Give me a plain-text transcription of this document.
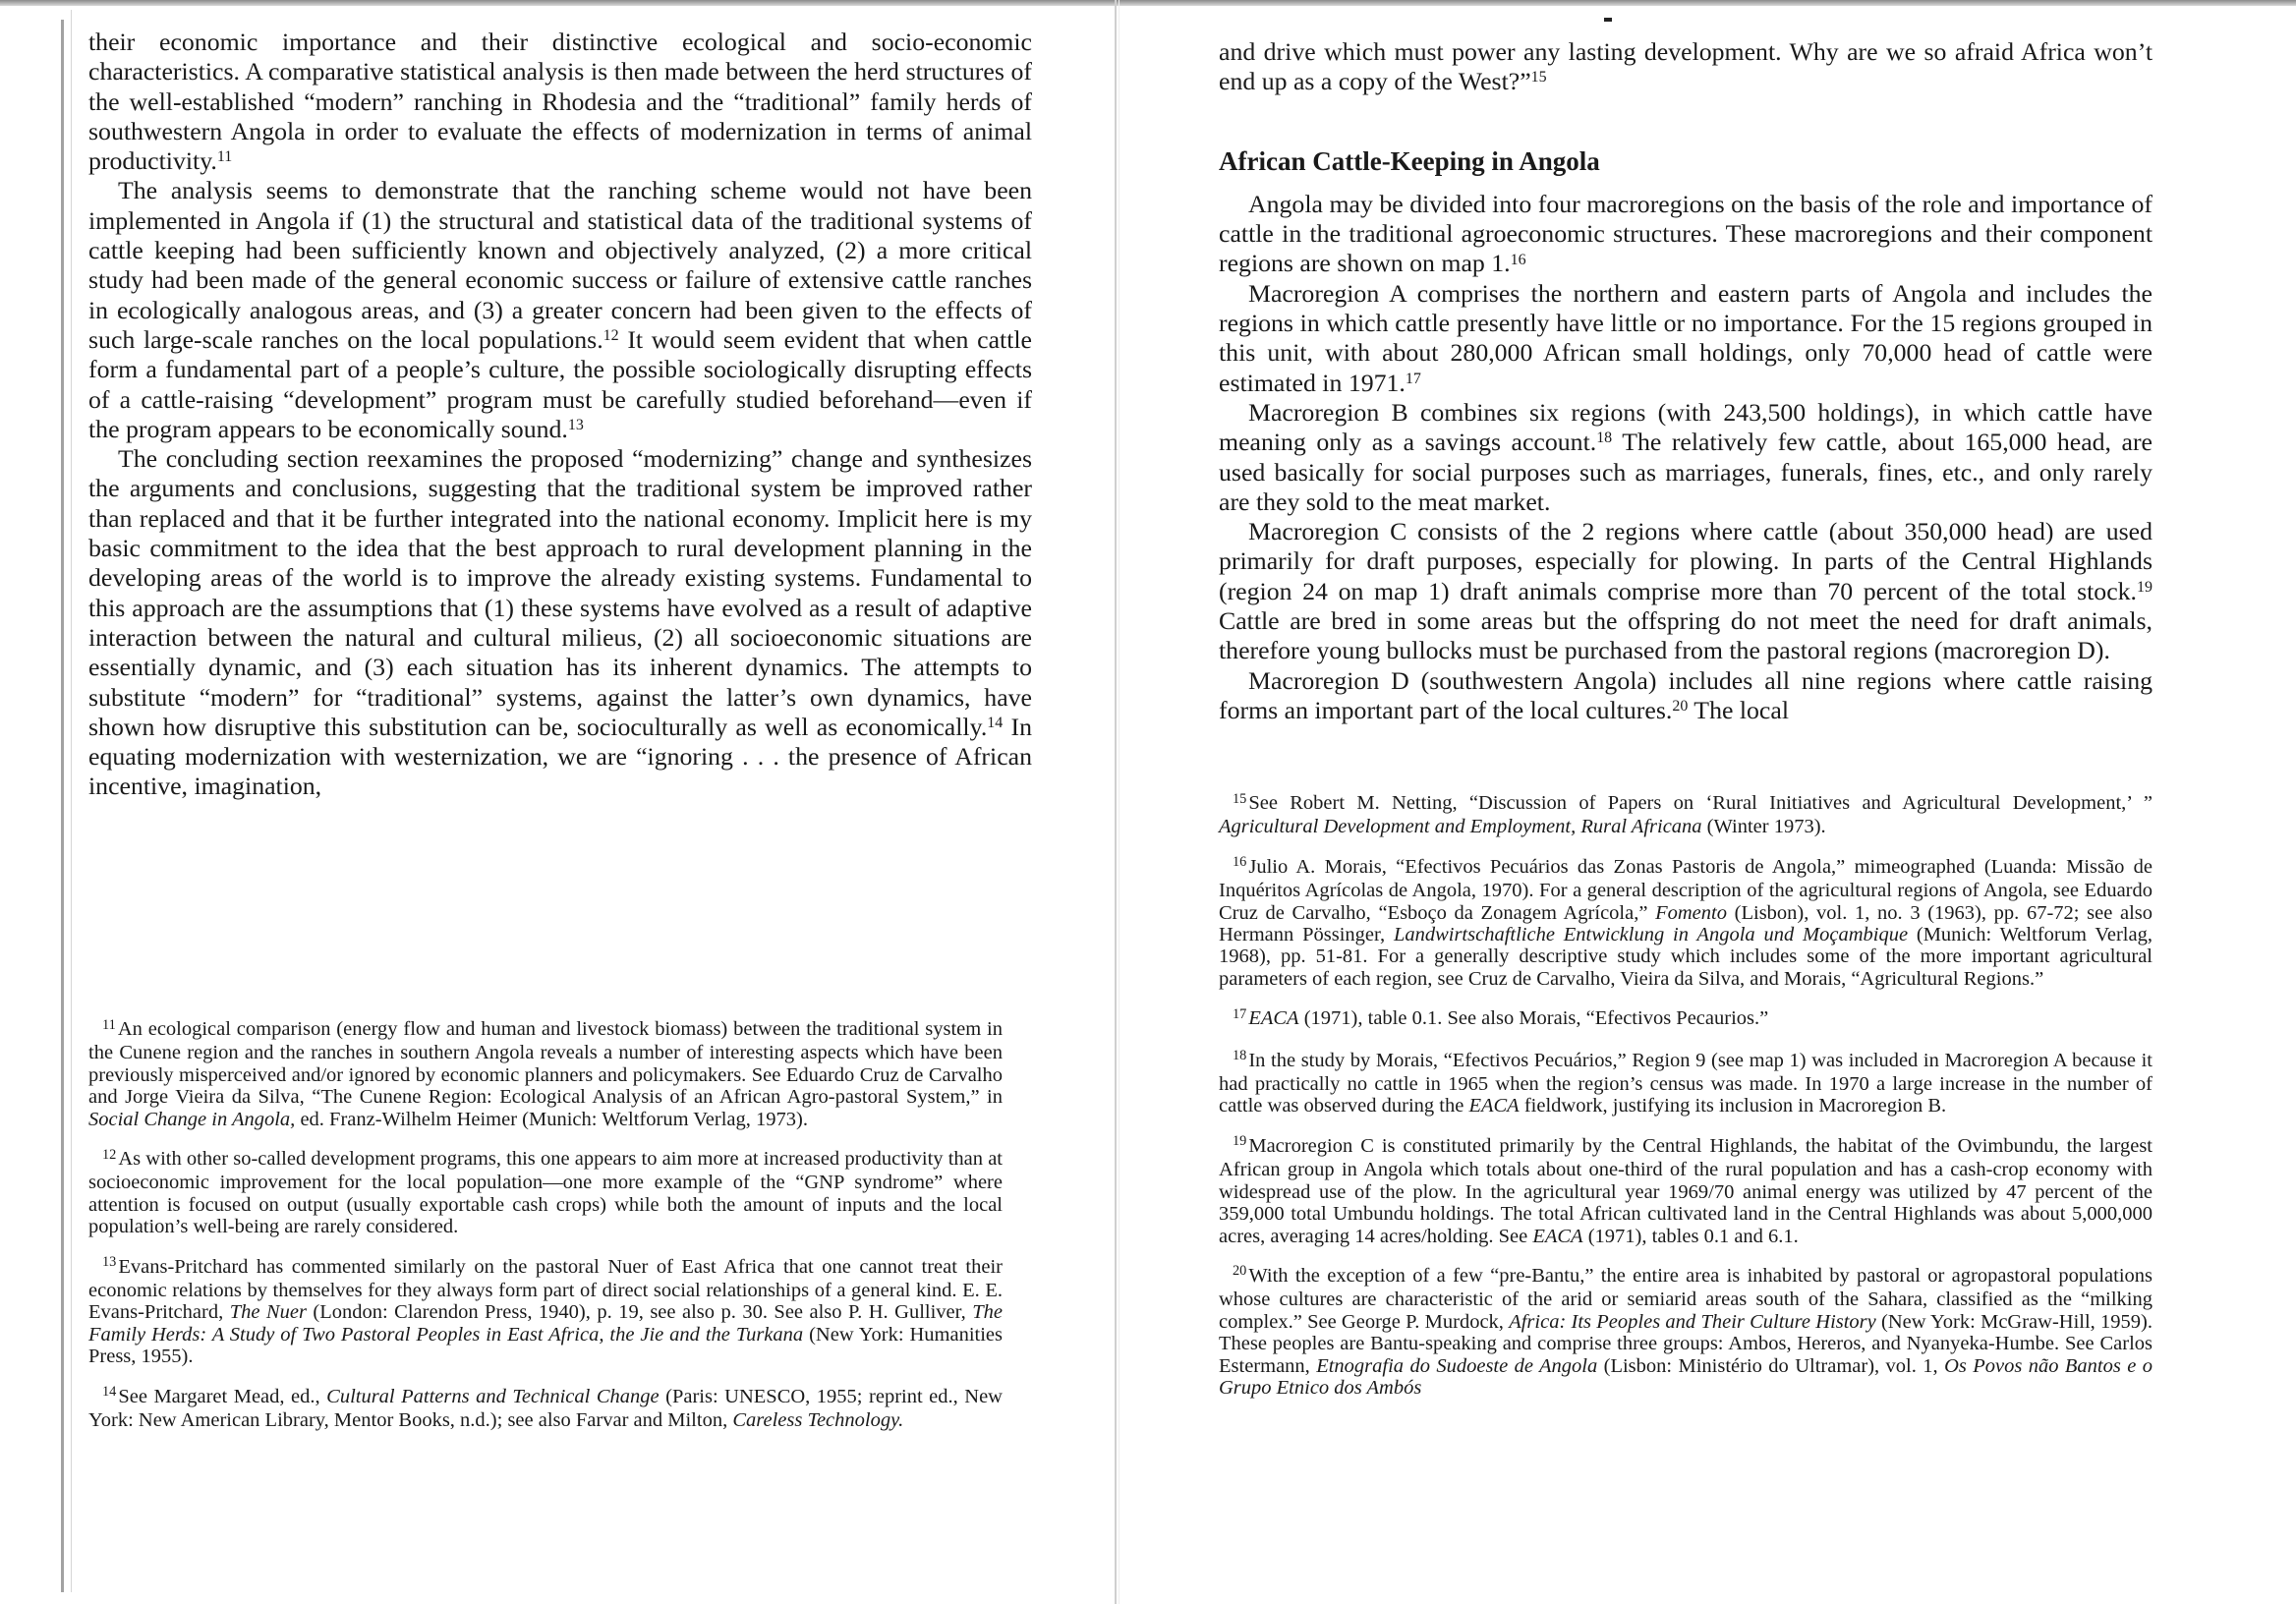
their economic importance and their distinctive ecological and socio-economic characteristics. A comparative statistical analysis is then made between the herd structures of the well-established “modern” ranching in Rhodesia and the “traditional” family herds of southwestern Angola in order to evaluate the effects of modernization in terms of animal productivity.$^{11}$

The analysis seems to demonstrate that the ranching scheme would not have been implemented in Angola if (1) the structural and statistical data of the traditional systems of cattle keeping had been sufficiently known and objectively analyzed, (2) a more critical study had been made of the general economic success or failure of extensive cattle ranches in ecologically analogous areas, and (3) a greater concern had been given to the effects of such large-scale ranches on the local populations.$^{12}$ It would seem evident that when cattle form a fundamental part of a people’s culture, the possible sociologically disrupting effects of a cattle-raising “development” program must be carefully studied beforehand—even if the program appears to be economically sound.$^{13}$

The concluding section reexamines the proposed “modernizing” change and synthesizes the arguments and conclusions, suggesting that the traditional system be improved rather than replaced and that it be further integrated into the national economy. Implicit here is my basic commitment to the idea that the best approach to rural development planning in the developing areas of the world is to improve the already existing systems. Fundamental to this approach are the assumptions that (1) these systems have evolved as a result of adaptive interaction between the natural and cultural milieus, (2) all socioeconomic situations are essentially dynamic, and (3) each situation has its inherent dynamics. The attempts to substitute “modern” for “traditional” systems, against the latter’s own dynamics, have shown how disruptive this substitution can be, socioculturally as well as economically.$^{14}$ In equating modernization with westernization, we are “ignoring . . . the presence of African incentive, imagination,

$^{11}$An ecological comparison (energy flow and human and livestock biomass) between the traditional system in the Cunene region and the ranches in southern Angola reveals a number of interesting aspects which have been previously misperceived and/or ignored by economic planners and policymakers. See Eduardo Cruz de Carvalho and Jorge Vieira da Silva, “The Cunene Region: Ecological Analysis of an African Agro-pastoral System,” in Social Change in Angola, ed. Franz-Wilhelm Heimer (Munich: Weltforum Verlag, 1973).

$^{12}$As with other so-called development programs, this one appears to aim more at increased productivity than at socioeconomic improvement for the local population—one more example of the “GNP syndrome” where attention is focused on output (usually exportable cash crops) while both the amount of inputs and the local population’s well-being are rarely considered.

$^{13}$Evans-Pritchard has commented similarly on the pastoral Nuer of East Africa that one cannot treat their economic relations by themselves for they always form part of direct social relationships of a general kind. E. E. Evans-Pritchard, The Nuer (London: Clarendon Press, 1940), p. 19, see also p. 30. See also P. H. Gulliver, The Family Herds: A Study of Two Pastoral Peoples in East Africa, the Jie and the Turkana (New York: Humanities Press, 1955).

$^{14}$See Margaret Mead, ed., Cultural Patterns and Technical Change (Paris: UNESCO, 1955; reprint ed., New York: New American Library, Mentor Books, n.d.); see also Farvar and Milton, Careless Technology.

and drive which must power any lasting development. Why are we so afraid Africa won’t end up as a copy of the West?”$^{15}$

African Cattle-Keeping in Angola

Angola may be divided into four macroregions on the basis of the role and importance of cattle in the traditional agroeconomic structures. These macroregions and their component regions are shown on map 1.16

Macroregion A comprises the northern and eastern parts of Angola and includes the regions in which cattle presently have little or no importance. For the 15 regions grouped in this unit, with about 280,000 African small holdings, only 70,000 head of cattle were estimated in 1971.17

Macroregion B combines six regions (with 243,500 holdings), in which cattle have meaning only as a savings account.$^{18}$ The relatively few cattle, about 165,000 head, are used basically for social purposes such as marriages, funerals, fines, etc., and only rarely are they sold to the meat market.

Macroregion C consists of the 2 regions where cattle (about 350,000 head) are used primarily for draft purposes, especially for plowing. In parts of the Central Highlands (region 24 on map 1) draft animals comprise more than 70 percent of the total stock.$^{19}$ Cattle are bred in some areas but the offspring do not meet the need for draft animals, therefore young bullocks must be purchased from the pastoral regions (macroregion D).

Macroregion D (southwestern Angola) includes all nine regions where cattle raising forms an important part of the local cultures.$^{20}$ The local

$^{15}$See Robert M. Netting, “Discussion of Papers on ‘Rural Initiatives and Agricultural Development,’ ” Agricultural Development and Employment, Rural Africana (Winter 1973).

$^{16}$Julio A. Morais, “Efectivos Pecuários das Zonas Pastoris de Angola,” mimeographed (Luanda: Missão de Inquéritos Agrícolas de Angola, 1970). For a general description of the agricultural regions of Angola, see Eduardo Cruz de Carvalho, “Esboço da Zonagem Agrícola,” Fomento (Lisbon), vol. 1, no. 3 (1963), pp. 67-72; see also Hermann Pössinger, Landwirtschaftliche Entwicklung in Angola und Moçambique (Munich: Weltforum Verlag, 1968), pp. 51-81. For a generally descriptive study which includes some of the more important agricultural parameters of each region, see Cruz de Carvalho, Vieira da Silva, and Morais, “Agricultural Regions.”

$^{17}$EACA (1971), table 0.1. See also Morais, “Efectivos Pecaurios.”

$^{18}$In the study by Morais, “Efectivos Pecuários,” Region 9 (see map 1) was included in Macroregion A because it had practically no cattle in 1965 when the region’s census was made. In 1970 a large increase in the number of cattle was observed during the EACA fieldwork, justifying its inclusion in Macroregion B.

$^{19}$Macroregion C is constituted primarily by the Central Highlands, the habitat of the Ovimbundu, the largest African group in Angola which totals about one-third of the rural population and has a cash-crop economy with widespread use of the plow. In the agricultural year 1969/70 animal energy was utilized by 47 percent of the 359,000 total Umbundu holdings. The total African cultivated land in the Central Highlands was about 5,000,000 acres, averaging 14 acres/holding. See EACA (1971), tables 0.1 and 6.1.

$^{20}$With the exception of a few “pre-Bantu,” the entire area is inhabited by pastoral or agropastoral populations whose cultures are characteristic of the arid or semiarid areas south of the Sahara, classified as the “milking complex.” See George P. Murdock, Africa: Its Peoples and Their Culture History (New York: McGraw-Hill, 1959). These peoples are Bantu-speaking and comprise three groups: Ambos, Hereros, and Nyanyeka-Humbe. See Carlos Estermann, Etnografia do Sudoeste de Angola (Lisbon: Ministério do Ultramar), vol. 1, Os Povos não Bantos e o Grupo Etnico dos Ambós
